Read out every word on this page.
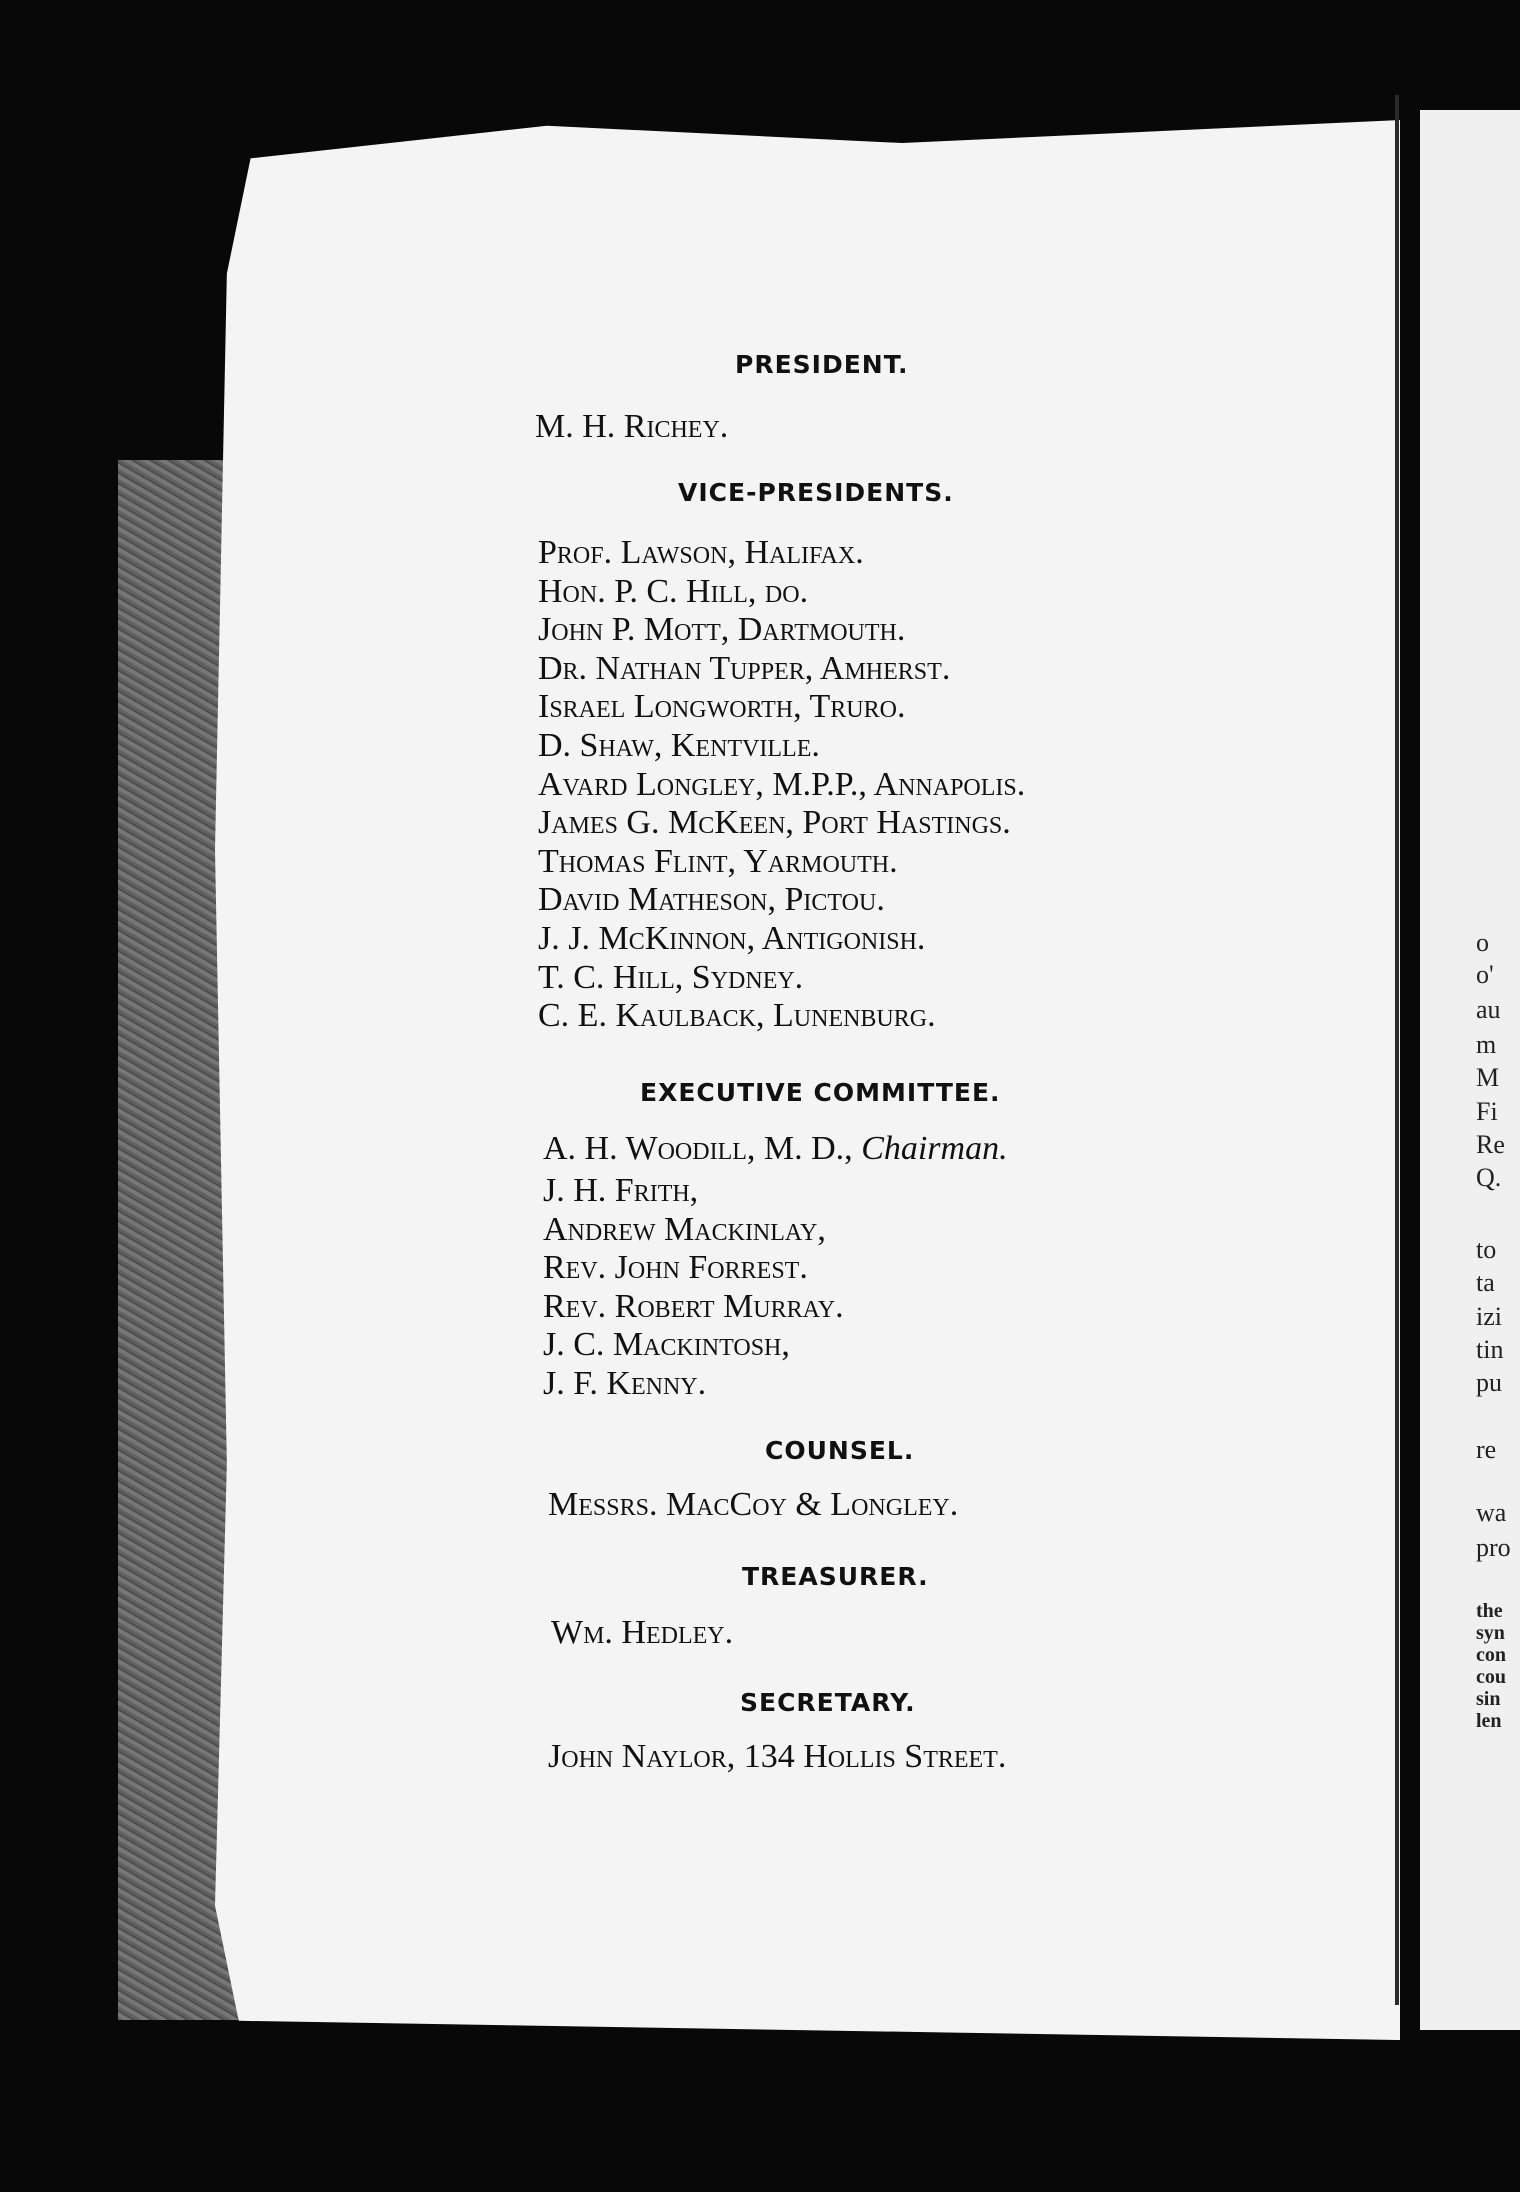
o
o'
au
m
M
Fi
Re
Q.
to
ta
izi
tin
pu
re
wa
pro
the
syn
con
cou
sin
len
PRESIDENT.
M. H. Richey.
VICE-PRESIDENTS.
Prof. Lawson, Halifax.
Hon. P. C. Hill, do.
John P. Mott, Dartmouth.
Dr. Nathan Tupper, Amherst.
Israel Longworth, Truro.
D. Shaw, Kentville.
Avard Longley, M.P.P., Annapolis.
James G. McKeen, Port Hastings.
Thomas Flint, Yarmouth.
David Matheson, Pictou.
J. J. McKinnon, Antigonish.
T. C. Hill, Sydney.
C. E. Kaulback, Lunenburg.
EXECUTIVE COMMITTEE.
A. H. Woodill, M. D., Chairman.
J. H. Frith,
Andrew Mackinlay,
Rev. John Forrest.
Rev. Robert Murray.
J. C. Mackintosh,
J. F. Kenny.
COUNSEL.
Messrs. MacCoy & Longley.
TREASURER.
Wm. Hedley.
SECRETARY.
John Naylor, 134 Hollis Street.
